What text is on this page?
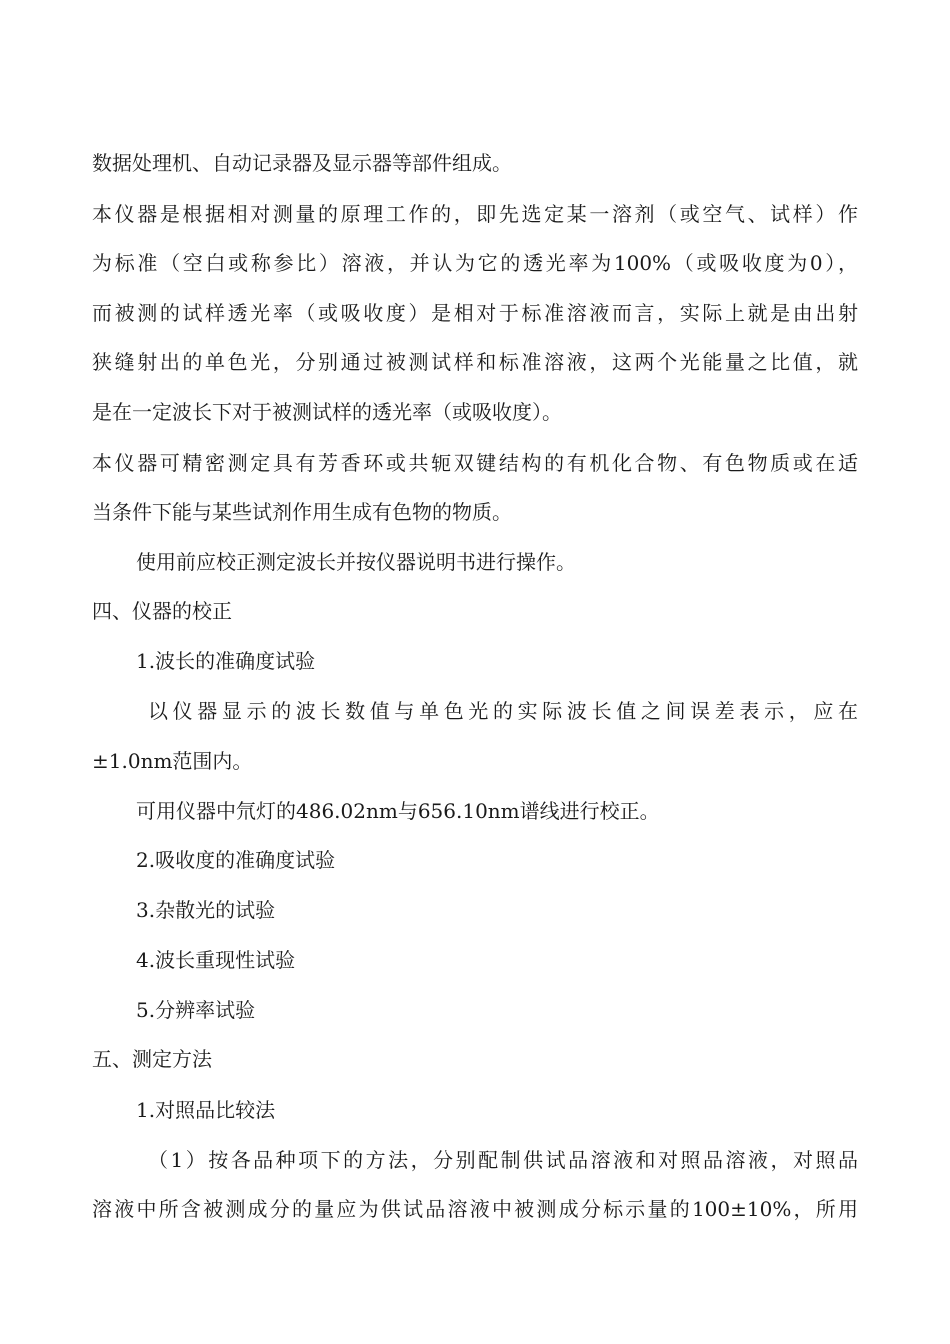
数据处理机、自动记录器及显示器等部件组成。
本仪器是根据相对测量的原理工作的，即先选定某一溶剂（或空气、试样）作
为标准（空白或称参比）溶液，并认为它的透光率为100%（或吸收度为0），
而被测的试样透光率（或吸收度）是相对于标准溶液而言，实际上就是由出射
狭缝射出的单色光，分别通过被测试样和标准溶液，这两个光能量之比值，就
是在一定波长下对于被测试样的透光率（或吸收度）。
本仪器可精密测定具有芳香环或共轭双键结构的有机化合物、有色物质或在适
当条件下能与某些试剂作用生成有色物的物质。
使用前应校正测定波长并按仪器说明书进行操作。
四、仪器的校正
1.波长的准确度试验
以仪器显示的波长数值与单色光的实际波长值之间误差表示，应在
±1.0nm范围内。
可用仪器中氘灯的486.02nm与656.10nm谱线进行校正。
2.吸收度的准确度试验
3.杂散光的试验
4.波长重现性试验
5.分辨率试验
五、测定方法
1.对照品比较法
（1）按各品种项下的方法，分别配制供试品溶液和对照品溶液，对照品
溶液中所含被测成分的量应为供试品溶液中被测成分标示量的100±10%，所用
